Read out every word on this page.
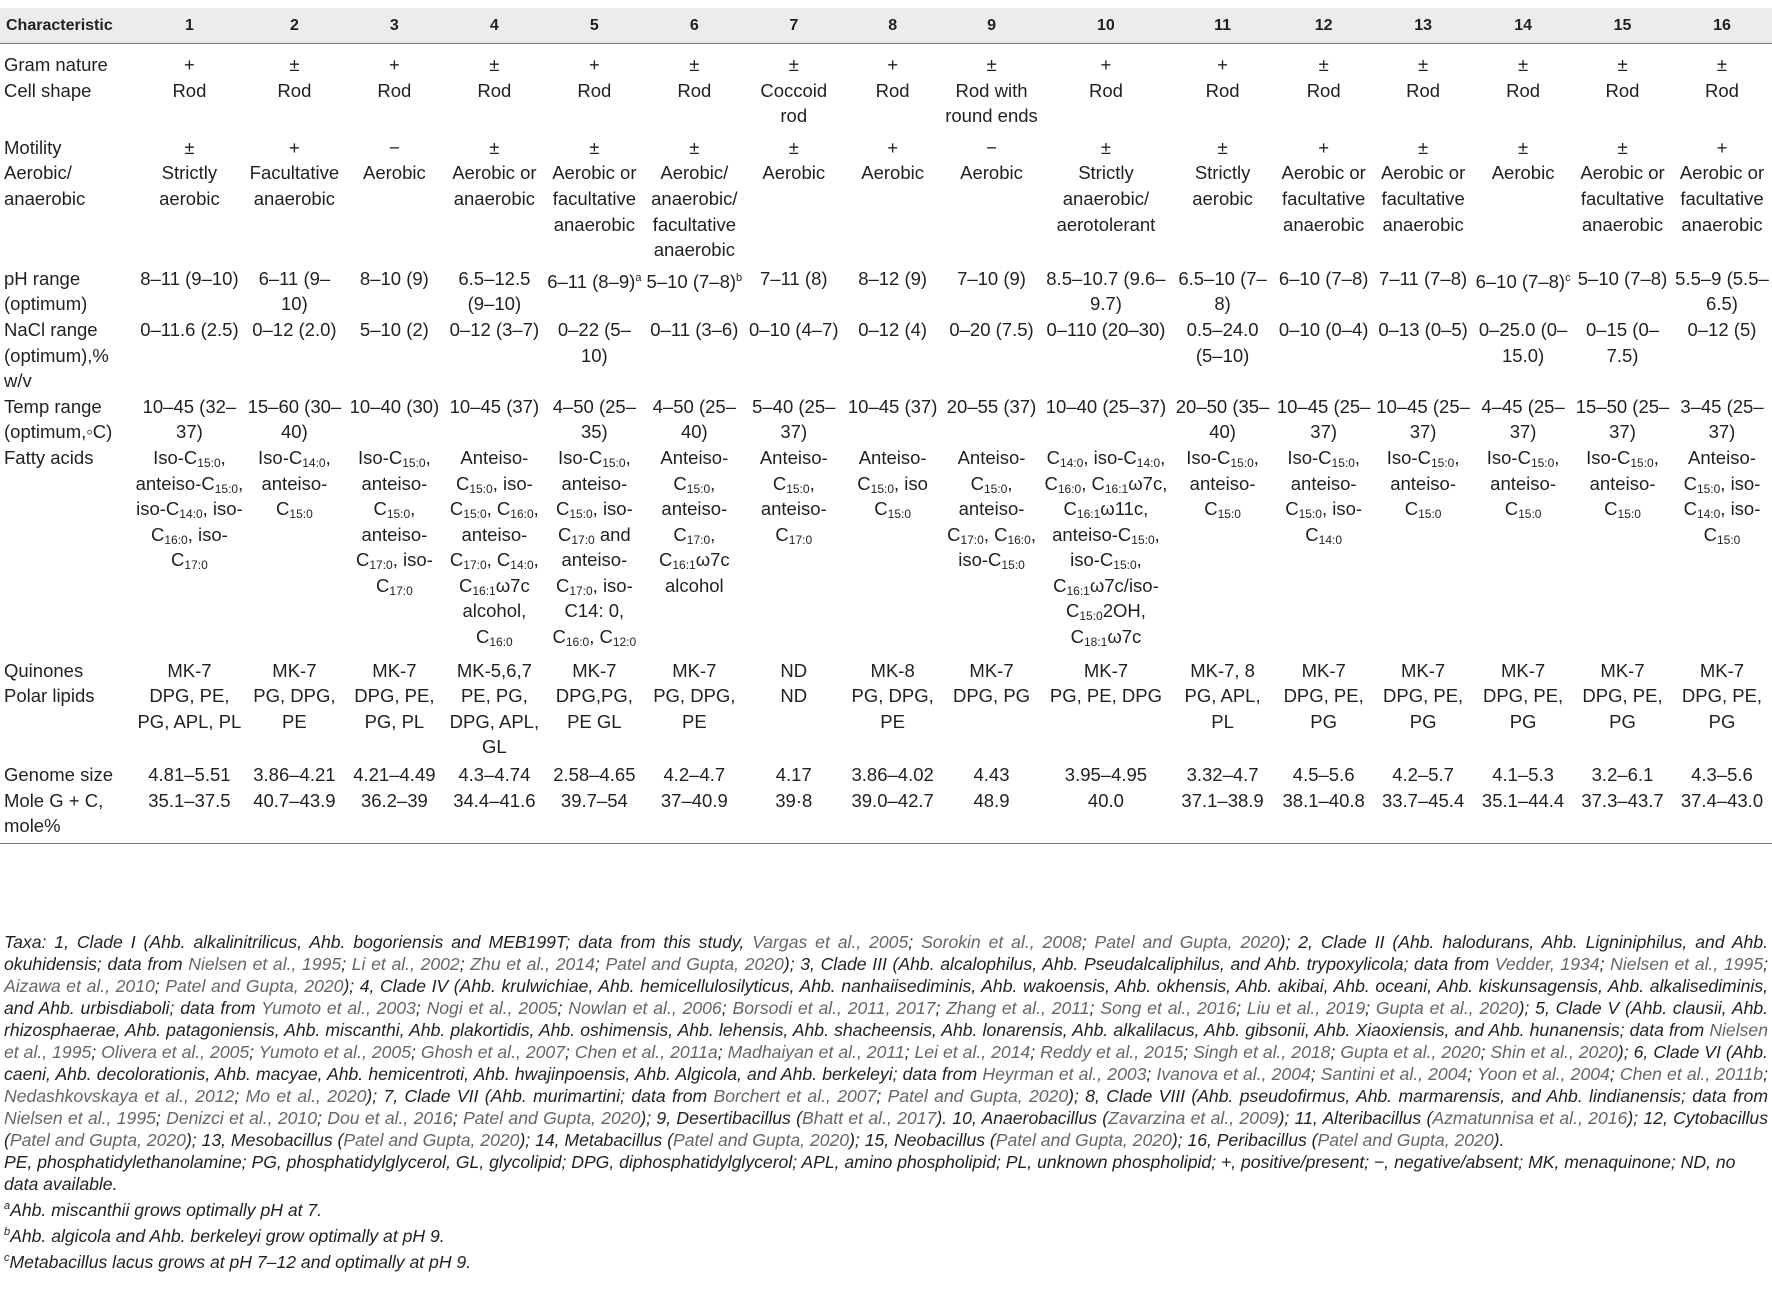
Characteristic	1	2	3	4	5	6	7	8	9	10	11	12	13	14	15	16
Gram nature	+	±	+	±	+	±	±	+	±	+	+	±	±	±	±	±
Cell shape	Rod	Rod	Rod	Rod	Rod	Rod	Coccoid rod	Rod	Rod with round ends	Rod	Rod	Rod	Rod	Rod	Rod	Rod
Motility	±	+	−	±	±	±	±	+	−	±	±	+	±	±	±	+
Aerobic/ anaerobic	Strictly aerobic	Facultative anaerobic	Aerobic	Aerobic or anaerobic	Aerobic or facultative anaerobic	Aerobic/ anaerobic/ facultative anaerobic	Aerobic	Aerobic	Aerobic	Strictly anaerobic/ aerotolerant	Strictly aerobic	Aerobic or facultative anaerobic	Aerobic or facultative anaerobic	Aerobic	Aerobic or facultative anaerobic	Aerobic or facultative anaerobic
pH range (optimum)	8–11 (9–10)	6–11 (9–10)	8–10 (9)	6.5–12.5 (9–10)	6–11 $(8-9)^a$	5–10 $(7-8)^b$	7–11 (8)	8–12 (9)	7–10 (9)	8.5–10.7 (9.6–9.7)	6.5–10 (7–8)	6–10 (7–8)	7–11 (7–8)	6–10 $(7-8)^c$	5–10 (7–8)	5.5–9 (5.5–6.5)
NaCl range (optimum),% w/v	0–11.6 (2.5)	0–12 (2.0)	5–10 (2)	0–12 (3–7)	0–22 (5–10)	0–11 (3–6)	0–10 (4–7)	0–12 (4)	0–20 (7.5)	0–110 (20–30)	0.5–24.0 (5–10)	0–10 (0–4)	0–13 (0–5)	0–25.0 (0–15.0)	0–15 (0–7.5)	0–12 (5)
Temp range (optimum,◦C)	10–45 (32–37)	15–60 (30–40)	10–40 (30)	10–45 (37)	4–50 (25–35)	4–50 (25–40)	5–40 (25–37)	10–45 (37)	20–55 (37)	10–40 (25–37)	20–50 (35–40)	10–45 (25–37)	10–45 (25–37)	4–45 (25–37)	15–50 (25–37)	3–45 (25–37)
Fatty acids	Iso-$C_{15:0}$, anteiso-$C_{15:0}$, iso-$C_{14:0}$, iso-$C_{16:0}$, iso-$C_{17:0}$	Iso-$C_{14:0}$, anteiso-$C_{15:0}$	Iso-$C_{15:0}$, anteiso-$C_{15:0}$, anteiso-$C_{17:0}$, iso-$C_{17:0}$	Anteiso-$C_{15:0}$, iso-$C_{15:0}$, $C_{16:0}$, anteiso-$C_{17:0}$, $C_{14:0}$, $C_{16:1}\omega 7c$ alcohol, $C_{16:0}$	Iso-$C_{15:0}$, anteiso-$C_{15:0}$, iso-$C_{17:0}$ and anteiso-$C_{17:0}$, iso-C14: 0, $C_{16:0}$, $C_{12:0}$	Anteiso-$C_{15:0}$, anteiso-$C_{17:0}$, $C_{16:1}\omega 7c$ alcohol	Anteiso-$C_{15:0}$, anteiso-$C_{17:0}$	Anteiso-$C_{15:0}$, iso $C_{15:0}$	Anteiso-$C_{15:0}$, anteiso-$C_{17:0}$, $C_{16:0}$, iso-$C_{15:0}$	$C_{14:0}$, iso-$C_{14:0}$, $C_{16:0}$, $C_{16:1}\omega 7c$, $C_{16:1}\omega 11c$, anteiso-$C_{15:0}$, iso-$C_{15:0}$, $C_{16:1}\omega 7c/iso-C_{15:0}2OH$, $C_{18:1}\omega 7c$	Iso-$C_{15:0}$, anteiso-$C_{15:0}$	Iso-$C_{15:0}$, anteiso-$C_{15:0}$, iso-$C_{14:0}$	Iso-$C_{15:0}$, anteiso-$C_{15:0}$	Iso-$C_{15:0}$, anteiso-$C_{15:0}$	Iso-$C_{15:0}$, anteiso-$C_{15:0}$	Anteiso-$C_{15:0}$, iso-$C_{14:0}$, iso-$C_{15:0}$
Quinones	MK-7	MK-7	MK-7	MK-5,6,7	MK-7	MK-7	ND	MK-8	MK-7	MK-7	MK-7, 8	MK-7	MK-7	MK-7	MK-7	MK-7
Polar lipids	DPG, PE, PG, APL, PL	PG, DPG, PE	DPG, PE, PG, PL	PE, PG, DPG, APL, GL	DPG,PG, PE GL	PG, DPG, PE	ND	PG, DPG, PE	DPG, PG	PG, PE, DPG	PG, APL, PL	DPG, PE, PG	DPG, PE, PG	DPG, PE, PG	DPG, PE, PG	DPG, PE, PG
Genome size	4.81–5.51	3.86–4.21	4.21–4.49	4.3–4.74	2.58–4.65	4.2–4.7	4.17	3.86–4.02	4.43	3.95–4.95	3.32–4.7	4.5–5.6	4.2–5.7	4.1–5.3	3.2–6.1	4.3–5.6
Mole G + C, mole%	35.1–37.5	40.7–43.9	36.2–39	34.4–41.6	39.7–54	37–40.9	39·8	39.0–42.7	48.9	40.0	37.1–38.9	38.1–40.8	33.7–45.4	35.1–44.4	37.3–43.7	37.4–43.0

Taxa: 1, Clade I (Ahb. alkalinitrilicus, Ahb. bogoriensis and MEB199T; data from this study, Vargas et al., 2005; Sorokin et al., 2008; Patel and Gupta, 2020); 2, Clade II (Ahb. halodurans, Ahb. Ligniniphilus, and Ahb. okuhidensis; data from Nielsen et al., 1995; Li et al., 2002; Zhu et al., 2014; Patel and Gupta, 2020); 3, Clade III (Ahb. alcalophilus, Ahb. Pseudalcaliphilus, and Ahb. trypoxylicola; data from Vedder, 1934; Nielsen et al., 1995; Aizawa et al., 2010; Patel and Gupta, 2020); 4, Clade IV (Ahb. krulwichiae, Ahb. hemicellulosilyticus, Ahb. nanhaiisediminis, Ahb. wakoensis, Ahb. okhensis, Ahb. akibai, Ahb. oceani, Ahb. kiskunsagensis, Ahb. alkalisediminis, and Ahb. urbisdiaboli; data from Yumoto et al., 2003; Nogi et al., 2005; Nowlan et al., 2006; Borsodi et al., 2011, 2017; Zhang et al., 2011; Song et al., 2016; Liu et al., 2019; Gupta et al., 2020); 5, Clade V (Ahb. clausii, Ahb. rhizosphaerae, Ahb. patagoniensis, Ahb. miscanthi, Ahb. plakortidis, Ahb. oshimensis, Ahb. lehensis, Ahb. shacheensis, Ahb. lonarensis, Ahb. alkalilacus, Ahb. gibsonii, Ahb. Xiaoxiensis, and Ahb. hunanensis; data from Nielsen et al., 1995; Olivera et al., 2005; Yumoto et al., 2005; Ghosh et al., 2007; Chen et al., 2011a; Madhaiyan et al., 2011; Lei et al., 2014; Reddy et al., 2015; Singh et al., 2018; Gupta et al., 2020; Shin et al., 2020); 6, Clade VI (Ahb. caeni, Ahb. decolorationis, Ahb. macyae, Ahb. hemicentroti, Ahb. hwajinpoensis, Ahb. Algicola, and Ahb. berkeleyi; data from Heyrman et al., 2003; Ivanova et al., 2004; Santini et al., 2004; Yoon et al., 2004; Chen et al., 2011b; Nedashkovskaya et al., 2012; Mo et al., 2020); 7, Clade VII (Ahb. murimartini; data from Borchert et al., 2007; Patel and Gupta, 2020); 8, Clade VIII (Ahb. pseudofirmus, Ahb. marmarensis, and Ahb. lindianensis; data from Nielsen et al., 1995; Denizci et al., 2010; Dou et al., 2016; Patel and Gupta, 2020); 9, Desertibacillus (Bhatt et al., 2017). 10, Anaerobacillus (Zavarzina et al., 2009); 11, Alteribacillus (Azmatunnisa et al., 2016); 12, Cytobacillus (Patel and Gupta, 2020); 13, Mesobacillus (Patel and Gupta, 2020); 14, Metabacillus (Patel and Gupta, 2020); 15, Neobacillus (Patel and Gupta, 2020); 16, Peribacillus (Patel and Gupta, 2020).

PE, phosphatidylethanolamine; PG, phosphatidylglycerol, GL, glycolipid; DPG, diphosphatidylglycerol; APL, amino phospholipid; PL, unknown phospholipid; +, positive/present; −, negative/absent; MK, menaquinone; ND, no data available.

$^a$Ahb. miscanthii grows optimally pH at 7.
$^b$Ahb. algicola and Ahb. berkeleyi grow optimally at pH 9.
$^c$Metabacillus lacus grows at pH 7–12 and optimally at pH 9.
